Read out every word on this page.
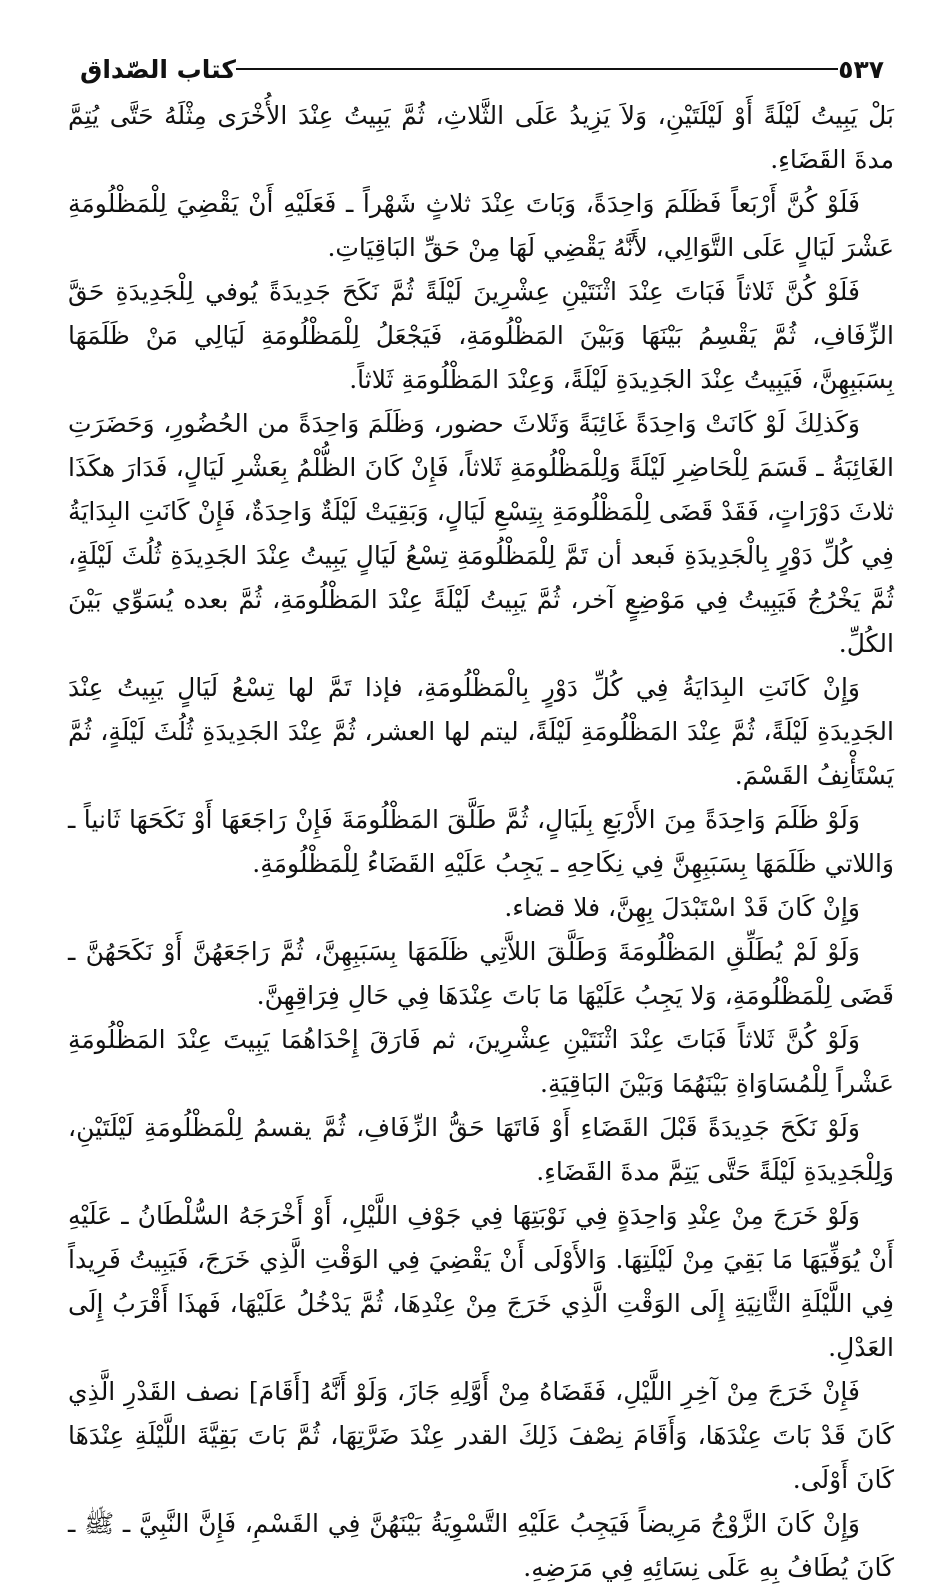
كتاب الصّداق	٥٣٧

بَلْ يَبِيتُ لَيْلَةً أَوْ لَيْلَتَيْنِ، وَلاَ يَزِيدُ عَلَى الثَّلاثِ، ثُمَّ يَبِيتُ عِنْدَ الأُخْرَى مِثْلَهُ حَتَّى يُتِمَّ مدةَ القَضَاءِ.

فَلَوْ كُنَّ أَرْبَعاً فَظَلَمَ وَاحِدَةً، وَبَاتَ عِنْدَ ثلاثٍ شَهْراً ـ فَعَلَيْهِ أَنْ يَقْضِيَ لِلْمَظْلُومَةِ عَشْرَ لَيَالٍ عَلَى التَّوَالِي، لأَنَّهُ يَقْضِي لَهَا مِنْ حَقِّ البَاقِيَاتِ.

فَلَوْ كُنَّ ثَلاثاً فَبَاتَ عِنْدَ اثْنَتَيْنِ عِشْرِينَ لَيْلَةً ثُمَّ نَكَحَ جَدِيدَةً يُوفي لِلْجَدِيدَةِ حَقَّ الزِّفَافِ، ثُمَّ يَقْسِمُ بَيْنَهَا وَبَيْنَ المَظْلُومَةِ، فَيَجْعَلُ لِلْمَظْلُومَةِ لَيَالِي مَنْ ظَلَمَهَا بِسَبَبِهِنَّ، فَيَبِيتُ عِنْدَ الجَدِيدَةِ لَيْلَةً، وَعِنْدَ المَظْلُومَةِ ثَلاثاً.

وَكَذلِكَ لَوْ كَانَتْ وَاحِدَةً غَائِبَةً وَثَلاثَ حضور، وَظَلَمَ وَاحِدَةً من الحُضُورِ، وَحَضَرَتِ الغَائِبَةُ ـ قَسَمَ لِلْحَاضِرِ لَيْلَةً وَلِلْمَظْلُومَةِ ثَلاثاً، فَإِنْ كَانَ الظُّلْمُ بِعَشْرِ لَيَالٍ، فَدَارَ هكَذَا ثلاثَ دَوْرَاتٍ، فَقَدْ قَضَى لِلْمَظْلُومَةِ بِتِسْعِ لَيَالٍ، وَبَقِيَتْ لَيْلَةٌ وَاحِدَةٌ، فَإِنْ كَانَتِ البِدَايَةُ فِي كُلِّ دَوْرٍ بِالْجَدِيدَةِ فَبعد أن تَمَّ لِلْمَظْلُومَةِ تِسْعُ لَيَالٍ يَبِيتُ عِنْدَ الجَدِيدَةِ ثُلُثَ لَيْلَةٍ، ثُمَّ يَخْرُجُ فَيَبِيتُ فِي مَوْضِعٍ آخر، ثُمَّ يَبِيتُ لَيْلَةً عِنْدَ المَظْلُومَةِ، ثُمَّ بعده يُسَوِّي بَيْنَ الكُلِّ.

وَإِنْ كَانَتِ البِدَايَةُ فِي كُلِّ دَوْرٍ بِالْمَظْلُومَةِ، فإذا تَمَّ لها تِسْعُ لَيَالٍ يَبِيتُ عِنْدَ الجَدِيدَةِ لَيْلَةً، ثُمَّ عِنْدَ المَظْلُومَةِ لَيْلَةً، ليتم لها العشر، ثُمَّ عِنْدَ الجَدِيدَةِ ثُلُثَ لَيْلَةٍ، ثُمَّ يَسْتَأْنِفُ القَسْمَ.

وَلَوْ ظَلَمَ وَاحِدَةً مِنَ الأَرْبَعِ بِلَيَالٍ، ثُمَّ طَلَّقَ المَظْلُومَةَ فَإِنْ رَاجَعَهَا أَوْ نَكَحَهَا ثَانياً ـ وَاللاتي ظَلَمَهَا بِسَبَبِهِنَّ فِي نِكَاحِهِ ـ يَجِبُ عَلَيْهِ القَضَاءُ لِلْمَظْلُومَةِ.

وَإِنْ كَانَ قَدْ اسْتَبْدَلَ بِهِنَّ، فلا قضاء.

وَلَوْ لَمْ يُطَلِّقِ المَظْلُومَةَ وَطَلَّقَ اللاَّتِي ظَلَمَهَا بِسَبَبِهِنَّ، ثُمَّ رَاجَعَهُنَّ أَوْ نَكَحَهُنَّ ـ قَضَى لِلْمَظْلُومَةِ، وَلا يَجِبُ عَلَيْهَا مَا بَاتَ عِنْدَهَا فِي حَالِ فِرَاقِهِنَّ.

وَلَوْ كُنَّ ثَلاثاً فَبَاتَ عِنْدَ اثْنَتَيْنِ عِشْرِينَ، ثم فَارَقَ إِحْدَاهُمَا يَبِيتَ عِنْدَ المَظْلُومَةِ عَشْراً لِلْمُسَاوَاةِ بَيْنَهُمَا وَبَيْنَ البَاقِيَةِ.

وَلَوْ نَكَحَ جَدِيدَةً قَبْلَ القَضَاءِ أَوْ فَاتَهَا حَقُّ الزِّفَافِ، ثُمَّ يقسمُ لِلْمَظْلُومَةِ لَيْلَتَيْنِ، وَلِلْجَدِيدَةِ لَيْلَةً حَتَّى يَتِمَّ مدةَ القَضَاءِ.

وَلَوْ خَرَجَ مِنْ عِنْدِ وَاحِدَةٍ فِي نَوْبَتِهَا فِي جَوْفِ اللَّيْلِ، أَوْ أَخْرَجَهُ السُّلْطَانُ ـ عَلَيْهِ أَنْ يُوَفِّيَهَا مَا بَقِيَ مِنْ لَيْلَتِهَا. وَالأَوْلَى أَنْ يَقْضِيَ فِي الوَقْتِ الَّذِي خَرَجَ، فَيَبِيتُ فَرِيداً فِي اللَّيْلَةِ الثَّانِيَةِ إِلَى الوَقْتِ الَّذِي خَرَجَ مِنْ عِنْدِهَا، ثُمَّ يَدْخُلُ عَلَيْهَا، فَهذَا أَقْرَبُ إِلَى العَدْلِ.

فَإِنْ خَرَجَ مِنْ آخِرِ اللَّيْلِ، فَقَضَاهُ مِنْ أَوَّلِهِ جَازَ، وَلَوْ أَنَّهُ [أَقَامَ] نصف القَدْرِ الَّذِي كَانَ قَدْ بَاتَ عِنْدَهَا، وَأَقَامَ نِصْفَ ذَلِكَ القدر عِنْدَ ضَرَّتِهَا، ثُمَّ بَاتَ بَقِيَّةَ اللَّيْلَةِ عِنْدَهَا كَانَ أَوْلَى.

وَإِنْ كَانَ الزَّوْجُ مَرِيضاً فَيَجِبُ عَلَيْهِ التَّسْوِيَةُ بَيْنَهُنَّ فِي القَسْمِ، فَإِنَّ النَّبِيَّ ـ ﷺ ـ كَانَ يُطَافُ بِهِ عَلَى نِسَائِهِ فِي مَرَضِهِ.
